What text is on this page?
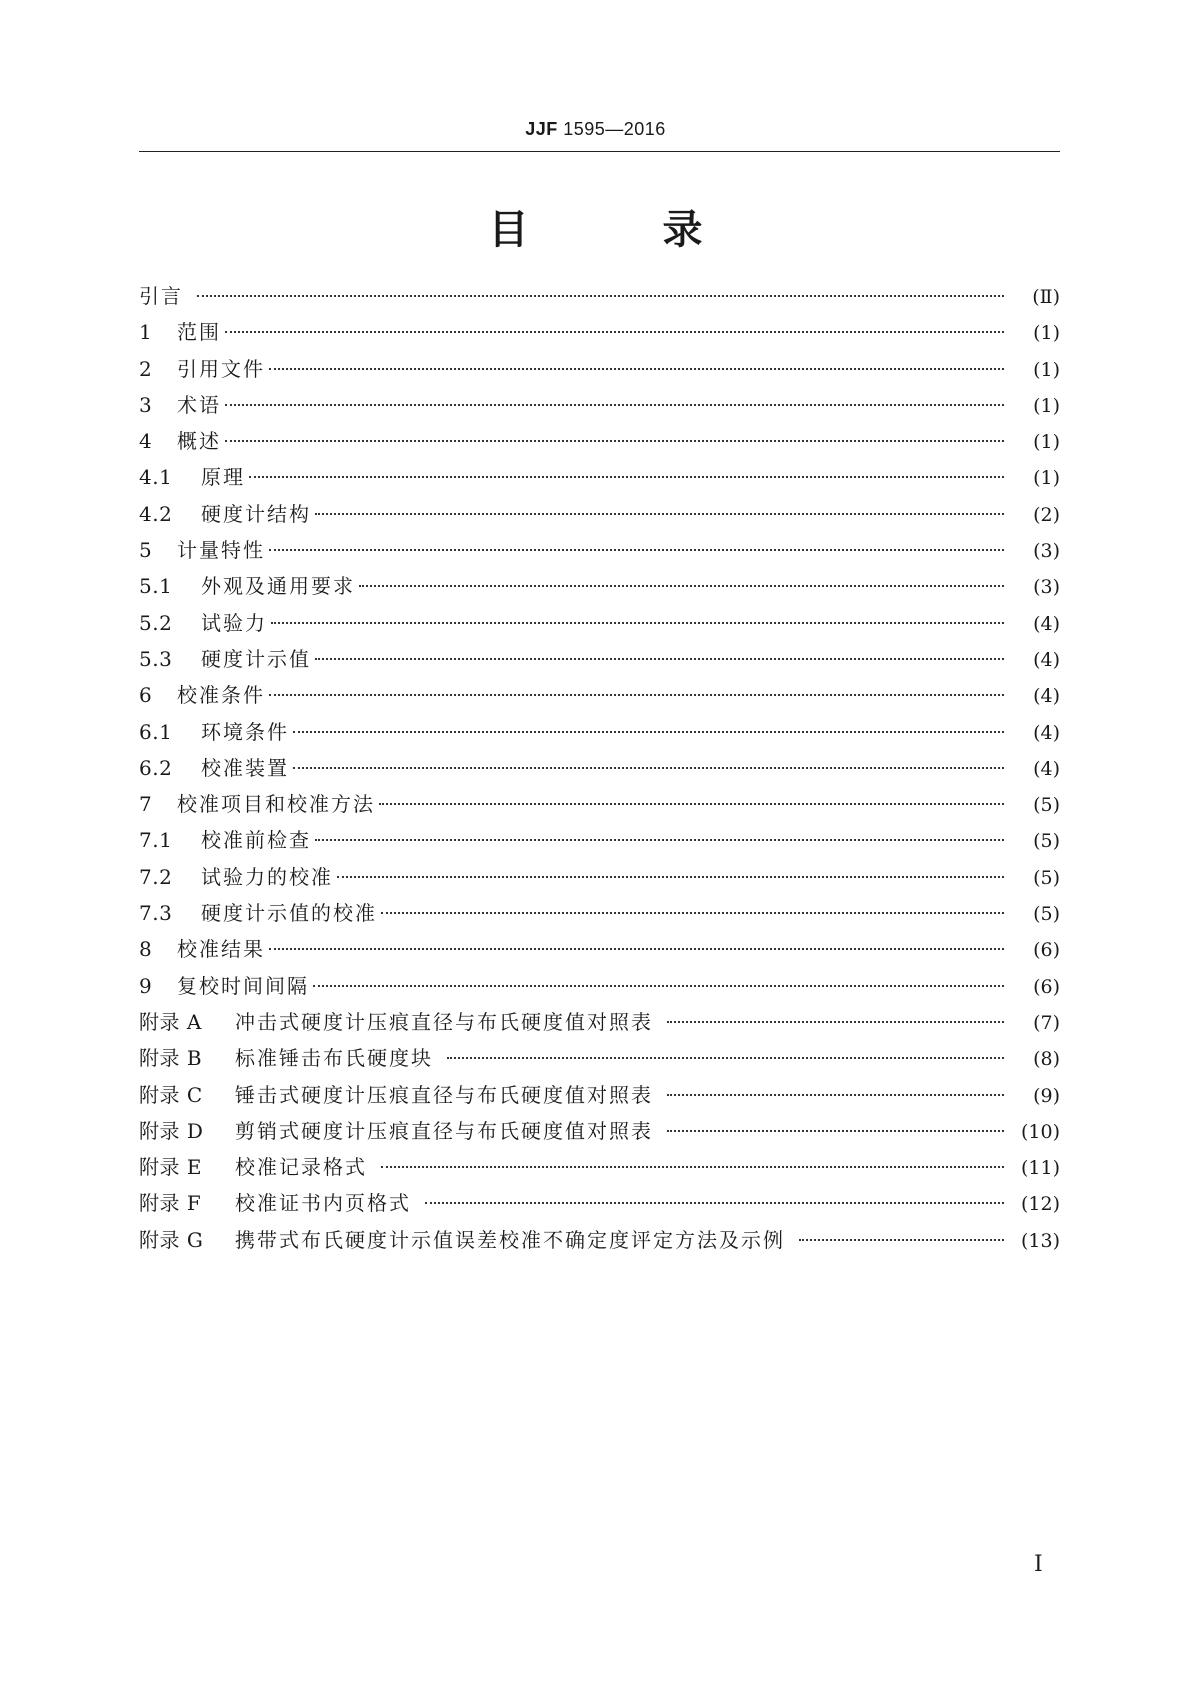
JJF 1595—2016
目 录
引言	(Ⅱ)
1	范围	(1)
2	引用文件	(1)
3	术语	(1)
4	概述	(1)
4.1	原理	(1)
4.2	硬度计结构	(2)
5	计量特性	(3)
5.1	外观及通用要求	(3)
5.2	试验力	(4)
5.3	硬度计示值	(4)
6	校准条件	(4)
6.1	环境条件	(4)
6.2	校准装置	(4)
7	校准项目和校准方法	(5)
7.1	校准前检查	(5)
7.2	试验力的校准	(5)
7.3	硬度计示值的校准	(5)
8	校准结果	(6)
9	复校时间间隔	(6)
附录 A	冲击式硬度计压痕直径与布氏硬度值对照表	(7)
附录 B	标准锤击布氏硬度块	(8)
附录 C	锤击式硬度计压痕直径与布氏硬度值对照表	(9)
附录 D	剪销式硬度计压痕直径与布氏硬度值对照表	(10)
附录 E	校准记录格式	(11)
附录 F	校准证书内页格式	(12)
附录 G	携带式布氏硬度计示值误差校准不确定度评定方法及示例	(13)
Ⅰ
